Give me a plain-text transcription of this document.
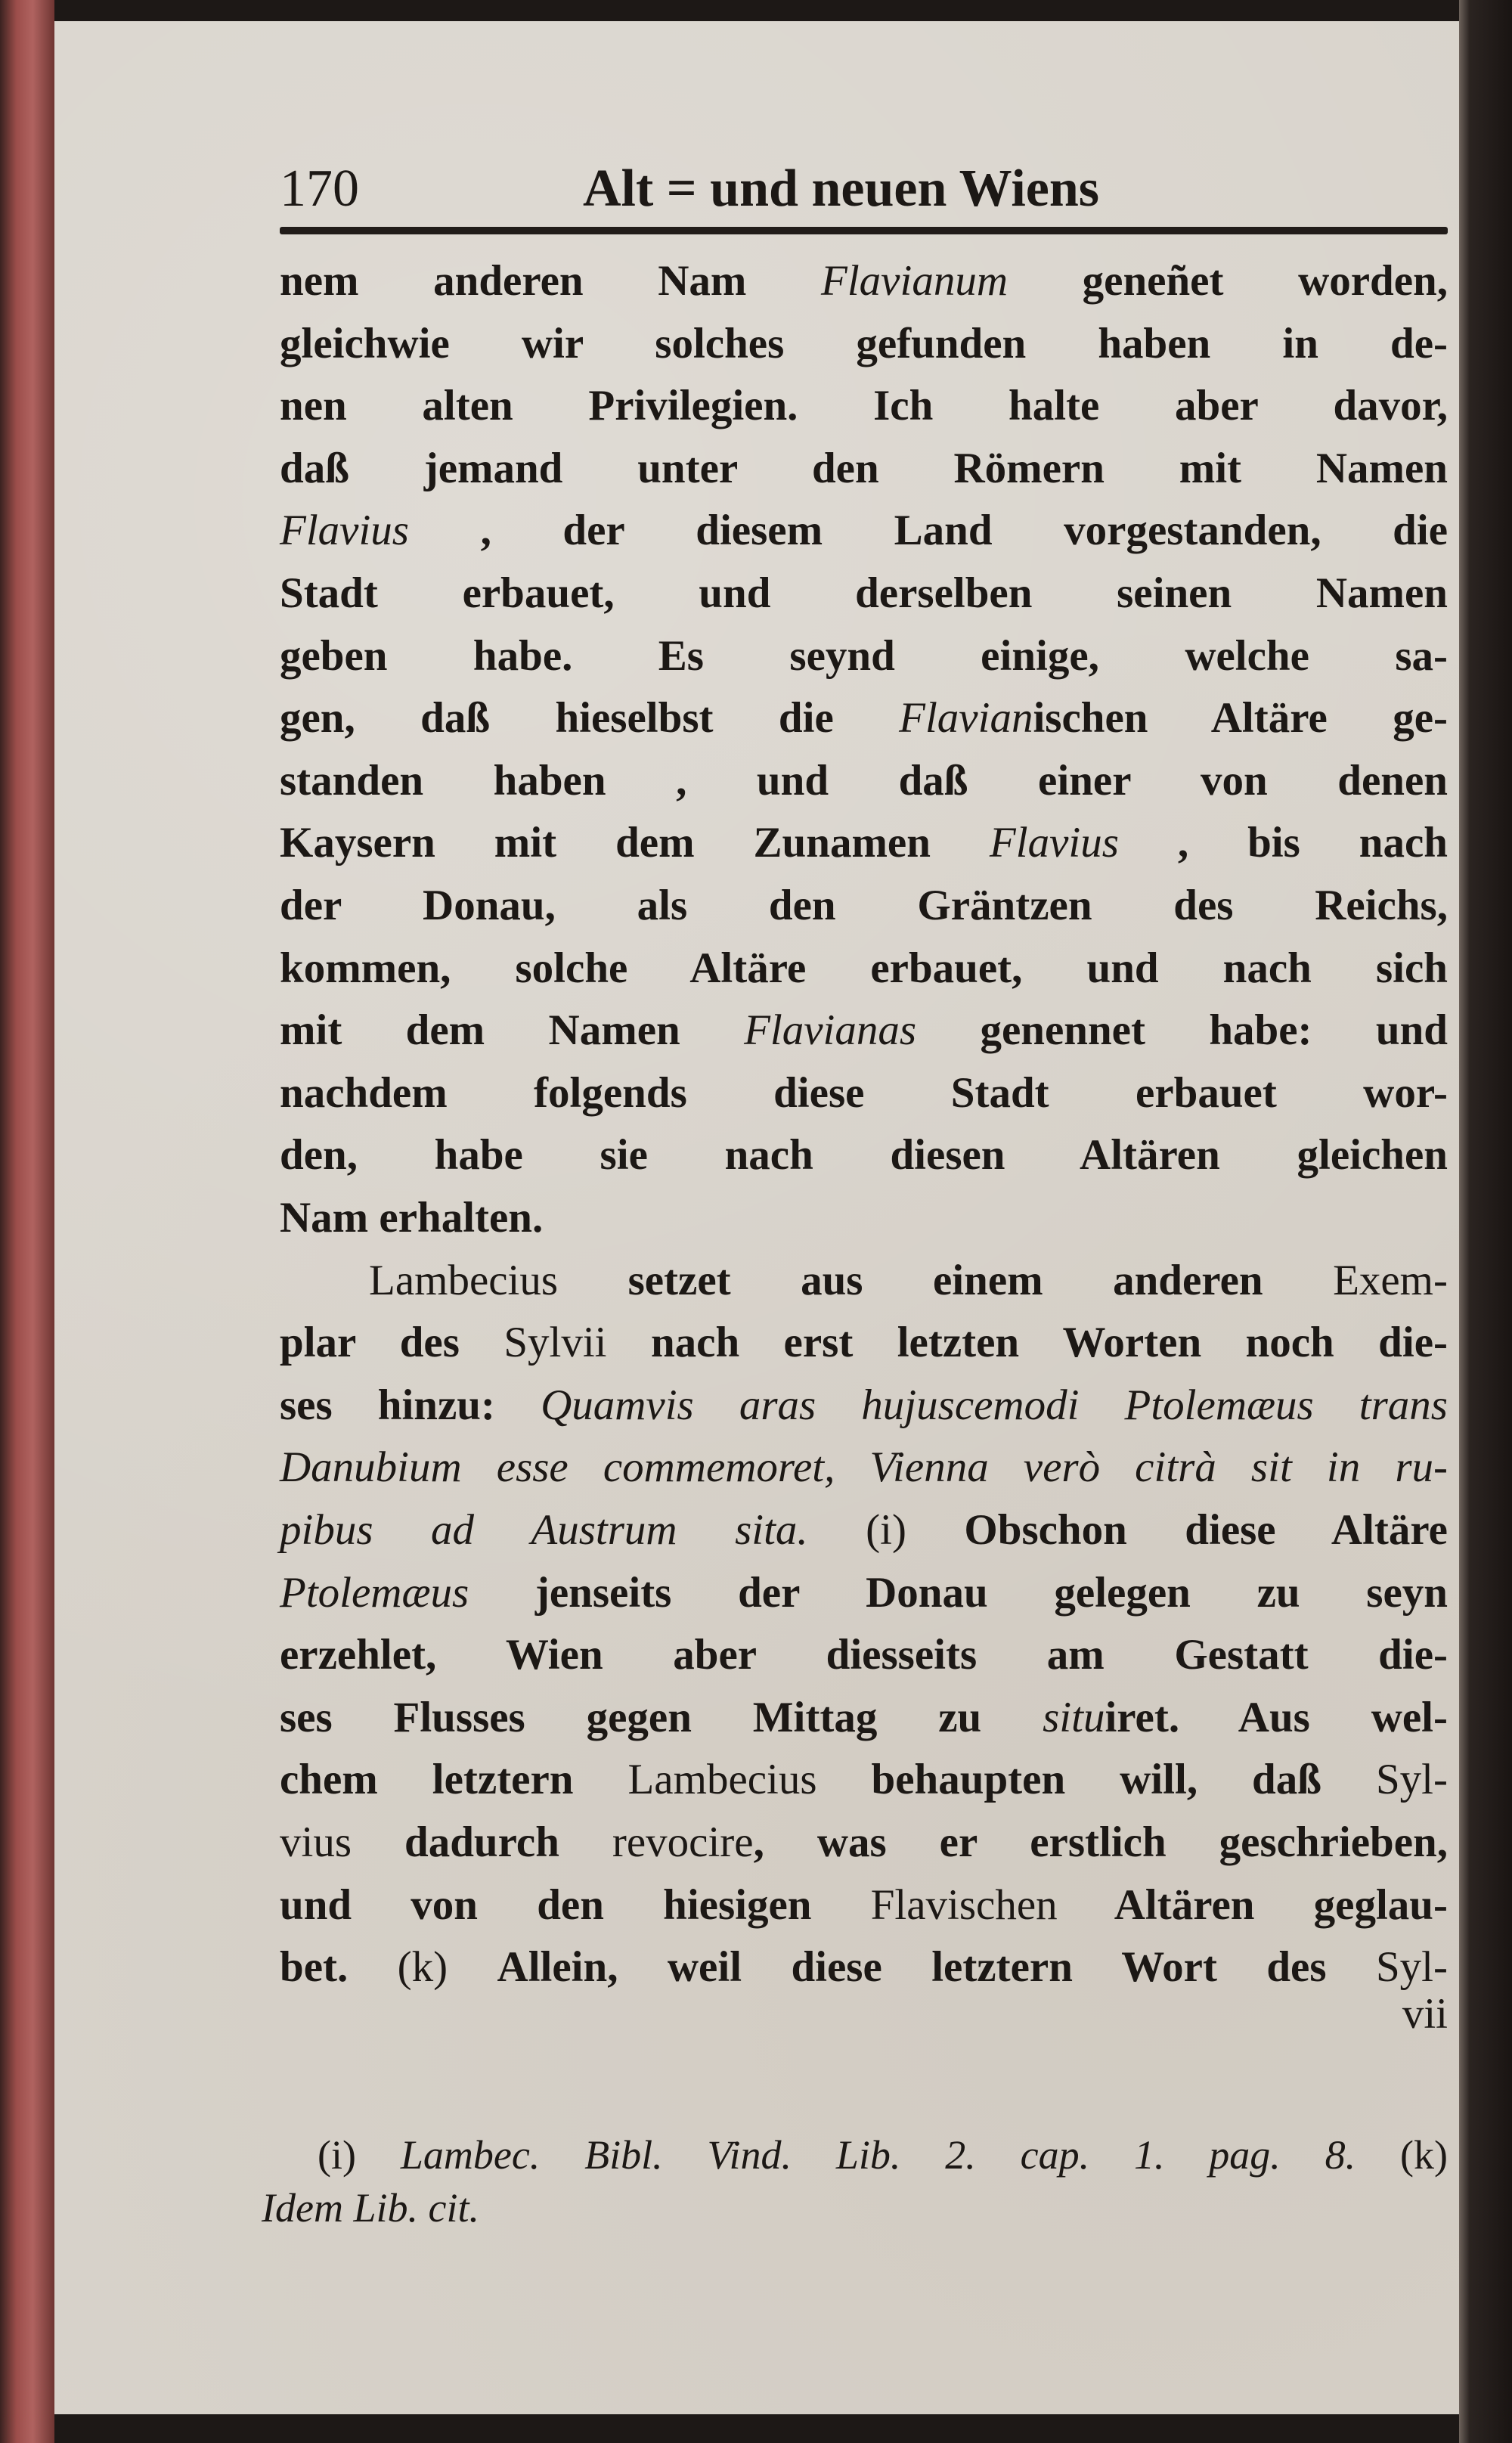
170	Alt = und neuen Wiens
nem anderen Nam Flavianum geneñet worden,
gleichwie wir solches gefunden haben in de-
nen alten Privilegien. Ich halte aber davor,
daß jemand unter den Römern mit Namen
Flavius , der diesem Land vorgestanden, die
Stadt erbauet, und derselben seinen Namen
geben habe. Es seynd einige, welche sa-
gen, daß hieselbst die Flavianischen Altäre ge-
standen haben , und daß einer von denen
Kaysern mit dem Zunamen Flavius , bis nach
der Donau, als den Gräntzen des Reichs,
kommen, solche Altäre erbauet, und nach sich
mit dem Namen Flavianas genennet habe: und
nachdem folgends diese Stadt erbauet wor-
den, habe sie nach diesen Altären gleichen
Nam erhalten.
Lambecius setzet aus einem anderen Exem-
plar des Sylvii nach erst letzten Worten noch die-
ses hinzu: Quamvis aras hujuscemodi Ptolemæus trans
Danubium esse commemoret, Vienna verò citrà sit in ru-
pibus ad Austrum sita. (i) Obschon diese Altäre
Ptolemæus jenseits der Donau gelegen zu seyn
erzehlet, Wien aber diesseits am Gestatt die-
ses Flusses gegen Mittag zu situiret. Aus wel-
chem letztern Lambecius behaupten will, daß Syl-
vius dadurch revocire, was er erstlich geschrieben,
und von den hiesigen Flavischen Altären geglau-
bet. (k) Allein, weil diese letztern Wort des Syl-
vii
(i) Lambec. Bibl. Vind. Lib. 2. cap. 1. pag. 8. (k)
Idem Lib. cit.
